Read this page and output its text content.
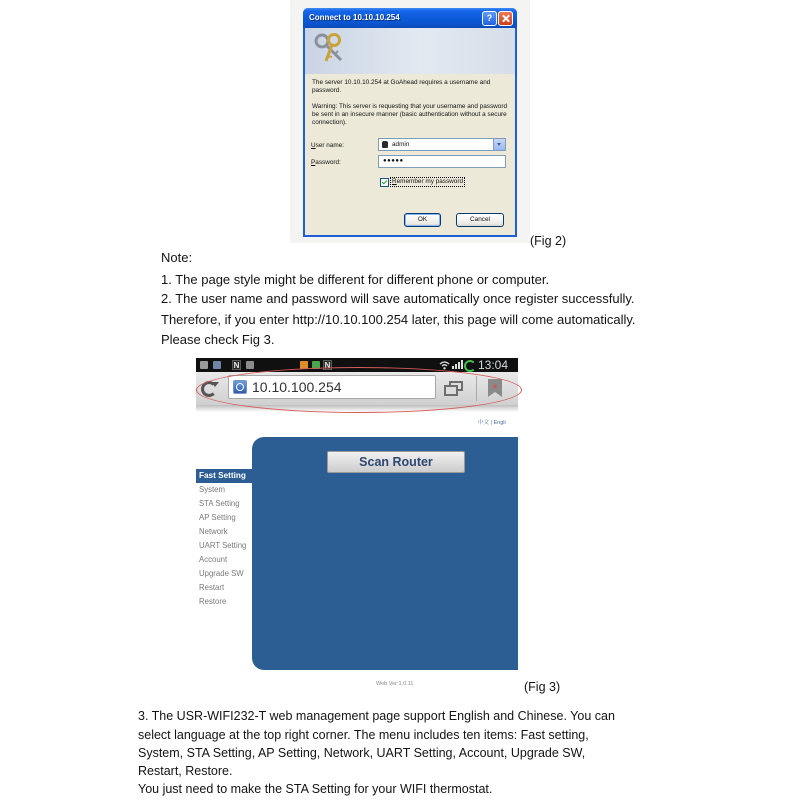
Connect to 10.10.10.254	?
The server 10.10.10.254 at GoAhead requires a username and password.
Warning: This server is requesting that your username and password be sent in an insecure manner (basic authentication without a secure connection).
User name:	admin
Password:	●●●●●
Remember my password
OK	Cancel
(Fig 2)
Note:
1. The page style might be different for different phone or computer.
2. The user name and password will save automatically once register successfully.
Therefore, if you enter http://10.10.100.254 later, this page will come automatically.
Please check Fig 3.
N	N	13:04
10.10.100.254
中文 | Engli
Scan Router
Fast Setting
System
STA Setting
AP Setting
Network
UART Setting
Account
Upgrade SW
Restart
Restore
Web Ver:1.0.11	(Fig 3)
3. The USR-WIFI232-T web management page support English and Chinese. You can
select language at the top right corner. The menu includes ten items: Fast setting,
System, STA Setting, AP Setting, Network, UART Setting, Account, Upgrade SW,
Restart, Restore.
You just need to make the STA Setting for your WIFI thermostat.
